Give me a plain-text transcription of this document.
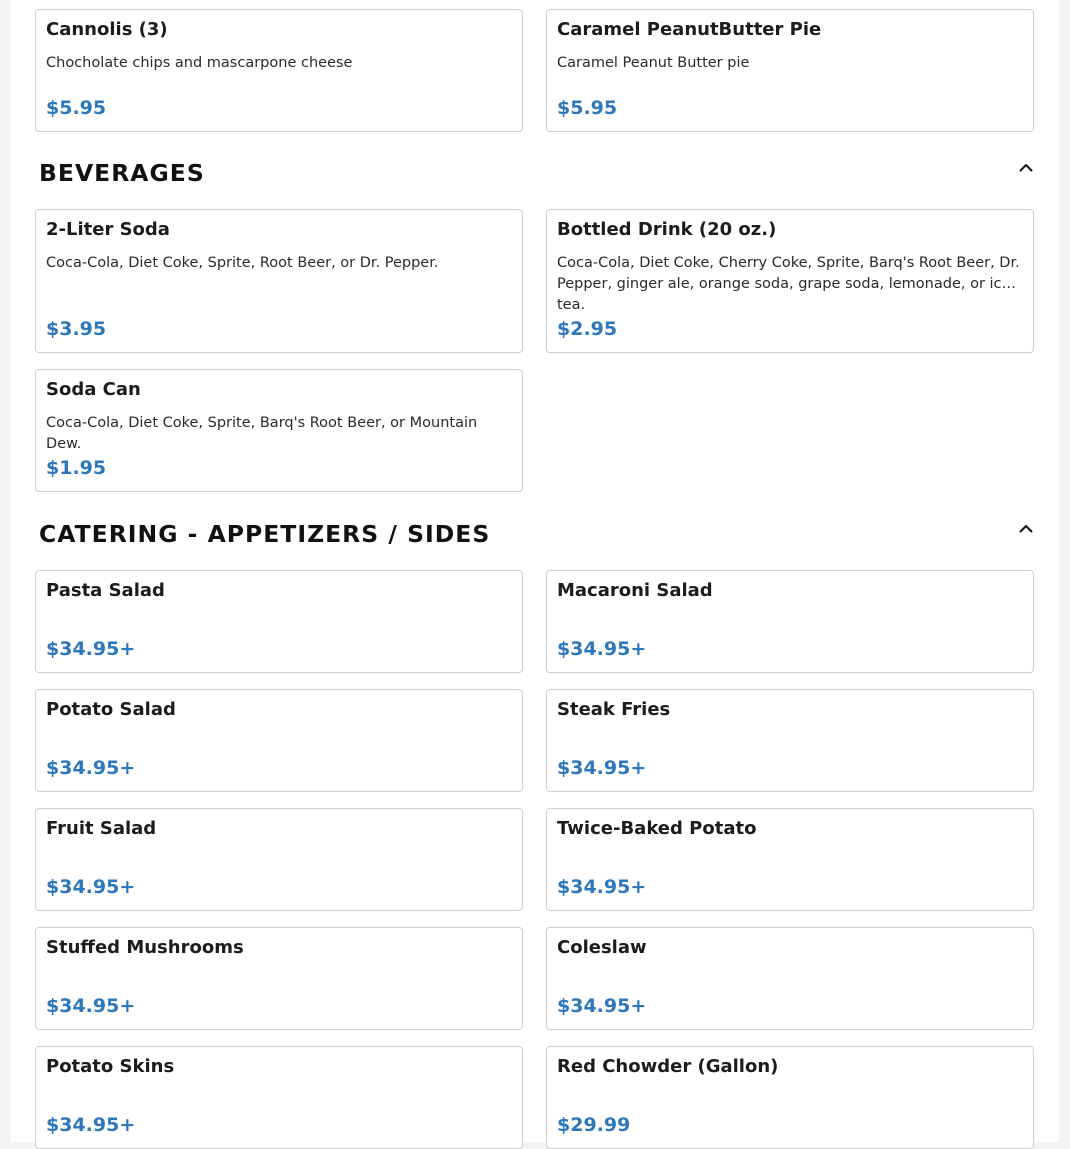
Cannolis (3)
Chocholate chips and mascarpone cheese
$5.95
Caramel PeanutButter Pie
Caramel Peanut Butter pie
$5.95
BEVERAGES
2-Liter Soda
Coca-Cola, Diet Coke, Sprite, Root Beer, or Dr. Pepper.
$3.95
Bottled Drink (20 oz.)
Coca-Cola, Diet Coke, Cherry Coke, Sprite, Barq's Root Beer, Dr. Pepper, ginger ale, orange soda, grape soda, lemonade, or iced tea.
$2.95
Soda Can
Coca-Cola, Diet Coke, Sprite, Barq's Root Beer, or Mountain Dew.
$1.95
CATERING - APPETIZERS / SIDES
Pasta Salad
$34.95+
Macaroni Salad
$34.95+
Potato Salad
$34.95+
Steak Fries
$34.95+
Fruit Salad
$34.95+
Twice-Baked Potato
$34.95+
Stuffed Mushrooms
$34.95+
Coleslaw
$34.95+
Potato Skins
$34.95+
Red Chowder (Gallon)
$29.99
